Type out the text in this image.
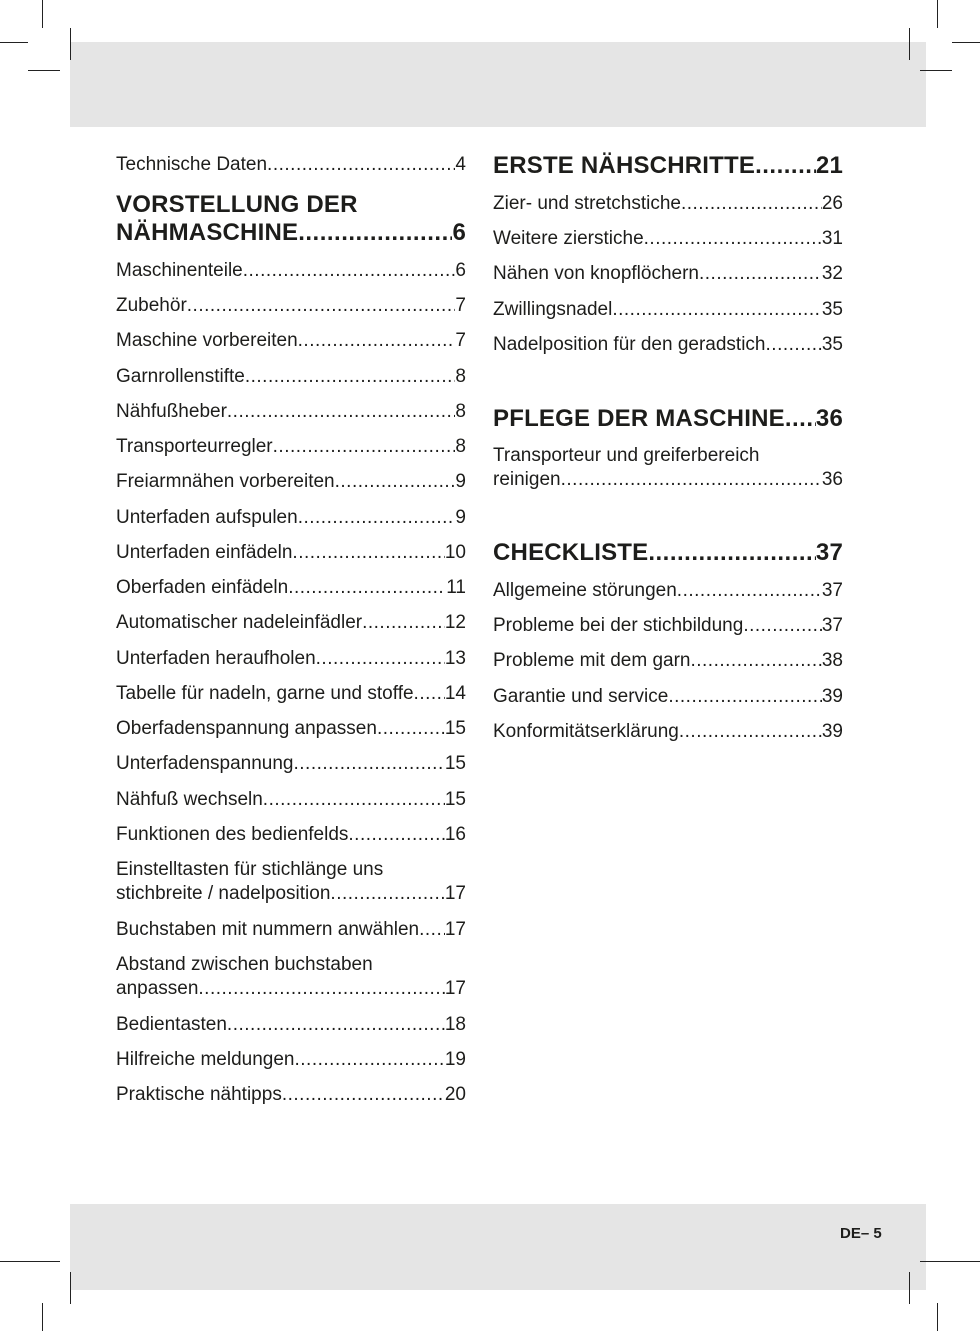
Technische Daten .....	4
VORSTELLUNG DER
NÄHMASCHINE .....	6
Maschinenteile .....	6
Zubehör .....	7
Maschine vorbereiten .....	7
Garnrollenstifte .....	8
Nähfußheber .....	8
Transporteurregler .....	8
Freiarmnähen vorbereiten .....	9
Unterfaden aufspulen .....	9
Unterfaden einfädeln .....	10
Oberfaden einfädeln .....	11
Automatischer nadeleinfädler .....	12
Unterfaden heraufholen .....	13
Tabelle für nadeln, garne und stoffe ..... 14
Oberfadenspannung anpassen .....	15
Unterfadenspannung .....	15
Nähfuß wechseln .....	15
Funktionen des bedienfelds .....	16
Einstelltasten für stichlänge uns
stichbreite / nadelposition .....	17
Buchstaben mit nummern anwählen ..... 17
Abstand zwischen buchstaben
anpassen .....	17
Bedientasten .....	18
Hilfreiche meldungen .....	19
Praktische nähtipps .....	20
ERSTE NÄHSCHRITTE .....	21
Zier- und stretchstiche .....	26
Weitere zierstiche .....	31
Nähen von knopflöchern .....	32
Zwillingsnadel .....	35
Nadelposition für den geradstich .....	35
PFLEGE DER MASCHINE ..... 36
Transporteur und greiferbereich
reinigen .....	36
CHECKLISTE .....	37
Allgemeine störungen .....	37
Probleme bei der stichbildung .....	37
Probleme mit dem garn .....	38
Garantie und service .....	39
Konformitätserklärung .....	39
DE– 5
